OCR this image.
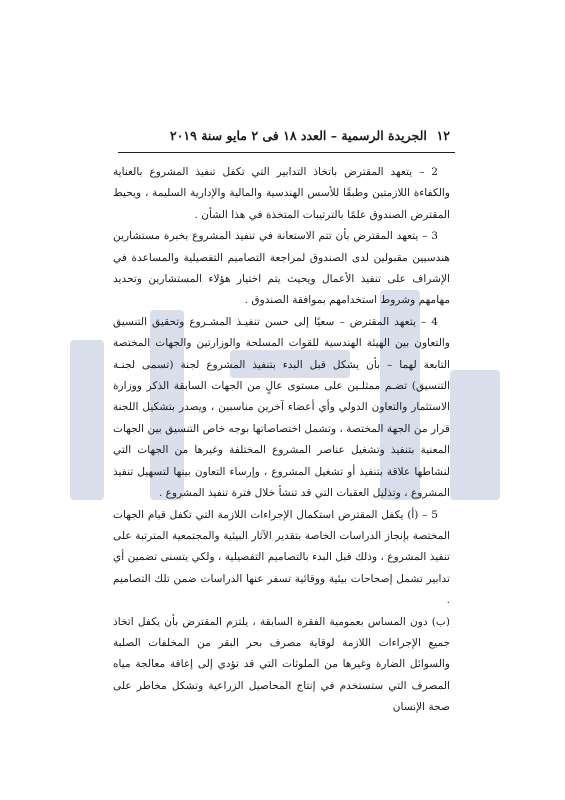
١٢
الجريدة الرسمية – العدد ١٨ فى ٢ مايو سنة ٢٠١٩

2 – يتعهد المقترض باتخاذ التدابير التي تكفل تنفيذ المشروع بالعناية والكفاءة اللازمتين وطبقًا للأسس الهندسية والمالية والإدارية السليمة ، ويحيط المقترض الصندوق علمًا بالترتيبات المتخذة في هذا الشأن .

3 – يتعهد المقترض بأن تتم الاستعانة في تنفيذ المشروع بخبرة مستشارين هندسيين مقبولين لدى الصندوق لمراجعة التصاميم التفصيلية والمساعدة في الإشراف على تنفيذ الأعمال ويحيث يتم اختيار هؤلاء المستشارين وتحديد مهامهم وشروط استخدامهم بموافقة الصندوق .

4 – يتعهد المقترض – سعيًا إلى حسن تنفيـذ المشـروع وتحقيق التنسيق والتعاون بين الهيئة الهندسية للقوات المسلحة والوزارتين والجهات المختصة التابعة لهما – بأن يشكل قبل البدء بتنفيذ المشروع لجنة (تسمى لجنـة التنسيق) تضـم ممثلـين على مستوى عالٍ من الجهات السابقة الذكر ووزارة الاستثمار والتعاون الدولي وأي أعضاء آخرين مناسبين ، ويصدر بتشكيل اللجنة قرار من الجهة المختصة ، وتشمل اختصاصاتها بوجه خاص التنسيق بين الجهات المعنية بتنفيذ وتشغيل عناصر المشروع المختلفة وغيرها من الجهات التي لنشاطها علاقة بتنفيذ أو تشغيل المشروع ، وإرساء التعاون بينها لتسهيل تنفيذ المشروع ، وتذليل العقبات التي قد تنشأ خلال فترة تنفيذ المشروع .

5 – (أ) يكفل المقترض استكمال الإجراءات اللازمة التي تكفل قيام الجهات المختصة بإنجاز الدراسات الخاصة بتقدير الآثار البيئية والمجتمعية المترتبة على تنفيذ المشروع ، وذلك قبل البدء بالتصاميم التفصيلية ، ولكي يتسنى تضمين أي تدابير تشمل إصحاحات بيئية ووقائية تسفر عنها الدراسات ضمن تلك التصاميم .

(ب) دون المساس بعمومية الفقرة السابقة ، يلتزم المقترض بأن يكفل اتخاذ جميع الإجراءات اللازمة لوقاية مصرف بحر البقر من المخلفات الصلبة والسوائل الضارة وغيرها من الملوثات التي قد تؤدي إلى إعاقة معالجة مياه المصرف التي ستستخدم في إنتاج المحاصيل الزراعية وتشكل مخاطر على صحة الإنسان
